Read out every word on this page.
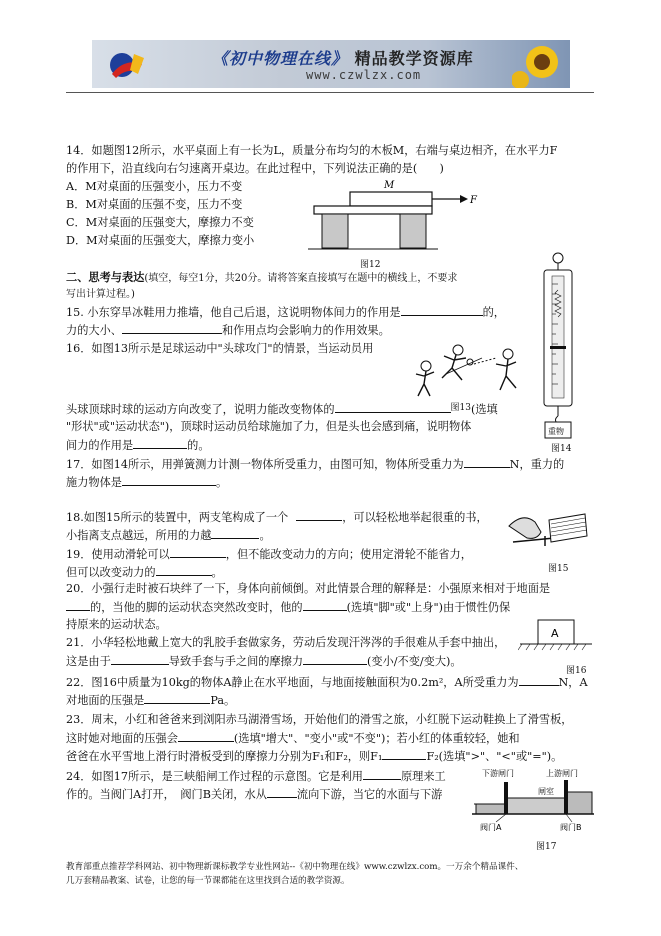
《初中物理在线》 精品教学资源库
www.czwlzx.com
14．如题图12所示，水平桌面上有一长为L，质量分布均匀的木板M，右端与桌边相齐，在水平力F
的作用下，沿直线向右匀速离开桌边。在此过程中，下列说法正确的是(　　)
A．M对桌面的压强变小，压力不变
B．M对桌面的压强不变，压力不变
C．M对桌面的压强变大，摩擦力不变
D．M对桌面的压强变大，摩擦力变小
M
F
图12
二、思考与表达(填空，每空1分，共20分。请将答案直接填写在题中的横线上，不要求
写出计算过程。)
重物
图14
15. 小东穿旱冰鞋用力推墙，他自己后退，这说明物体间力的作用是	的，
力的大小、	和作用点均会影响力的作用效果。
16．如图13所示是足球运动中"头球攻门"的情景，当运动员用
头球顶球时球的运动方向改变了，说明力能改变物体的	$^{图13}$(选填
"形状"或"运动状态")，顶球时运动员给球施加了力，但是头也会感到痛，说明物体
间力的作用是	的。
17．如图14所示，用弹簧测力计测一物体所受重力，由图可知，物体所受重力为	N，重力的
施力物体是	。
18.如图15所示的装置中，两支笔构成了一个	，可以轻松地举起很重的书，
小指离支点越远，所用的力越	。
图15
19．使用动滑轮可以	，但不能改变动力的方向；使用定滑轮不能省力，
但可以改变动力的	。
20．小强行走时被石块绊了一下，身体向前倾倒。对此情景合理的解释是：小强原来相对于地面是
的，当他的脚的运动状态突然改变时，他的	(选填"脚"或"上身")由于惯性仍保
持原来的运动状态。
21．小华轻松地戴上宽大的乳胶手套做家务，劳动后发现汗涔涔的手很难从手套中抽出，
这是由于	导致手套与手之间的摩擦力	(变小/不变/变大)。
A
图16
22．图16中质量为10kg的物体A静止在水平地面，与地面接触面积为0.2m²，A所受重力为	N，A
对地面的压强是	Pa。
23．周末，小红和爸爸来到浏阳赤马湖滑雪场，开始他们的滑雪之旅，小红脱下运动鞋换上了滑雪板，
这时她对地面的压强会	(选填"增大"、"变小"或"不变")；若小红的体重较轻，她和
爸爸在水平雪地上滑行时滑板受到的摩擦力分别为F₁和F₂，则F₁	F₂(选填">"、"<"或"=")。
24．如图17所示，是三峡船闸工作过程的示意图。它是利用	原理来工
作的。当阀门A打开，　阀门B关闭，水从	流向下游，当它的水面与下游
下游闸门	上游闸门
闸室
阀门A	阀门B
图17
教育部重点推荐学科网站、初中物理新课标教学专业性网站--《初中物理在线》www.czwlzx.com。一万余个精品课件、
几万套精品教案、试卷，让您的每一节课都能在这里找到合适的教学资源。
